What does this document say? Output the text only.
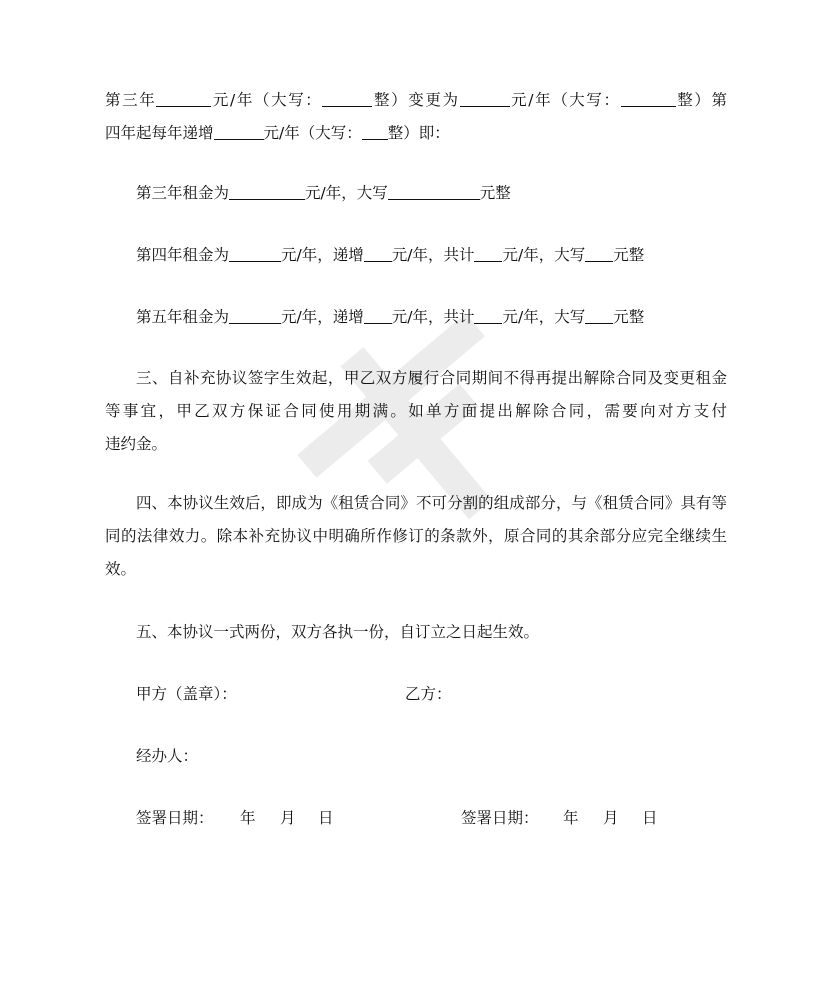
第三年	元/年（大写：	整）变更为	元/年（大写：	整）第
四年起每年递增	元/年（大写： 整）即：
第三年租金为	元/年，大写	元整
第四年租金为	元/年，递增 元/年，共计 元/年，大写 元整
第五年租金为	元/年，递增 元/年，共计 元/年，大写 元整
三、自补充协议签字生效起，甲乙双方履行合同期间不得再提出解除合同及变更租金
等事宜，甲乙双方保证合同使用期满。如单方面提出解除合同，需要向对方支付
违约金。
四、本协议生效后，即成为《租赁合同》不可分割的组成部分，与《租赁合同》具有等
同的法律效力。除本补充协议中明确所作修订的条款外，原合同的其余部分应完全继续生
效。
五、本协议一式两份，双方各执一份，自订立之日起生效。
甲方（盖章）：	乙方：
经办人：
签署日期： 年 月 日	签署日期： 年 月 日
